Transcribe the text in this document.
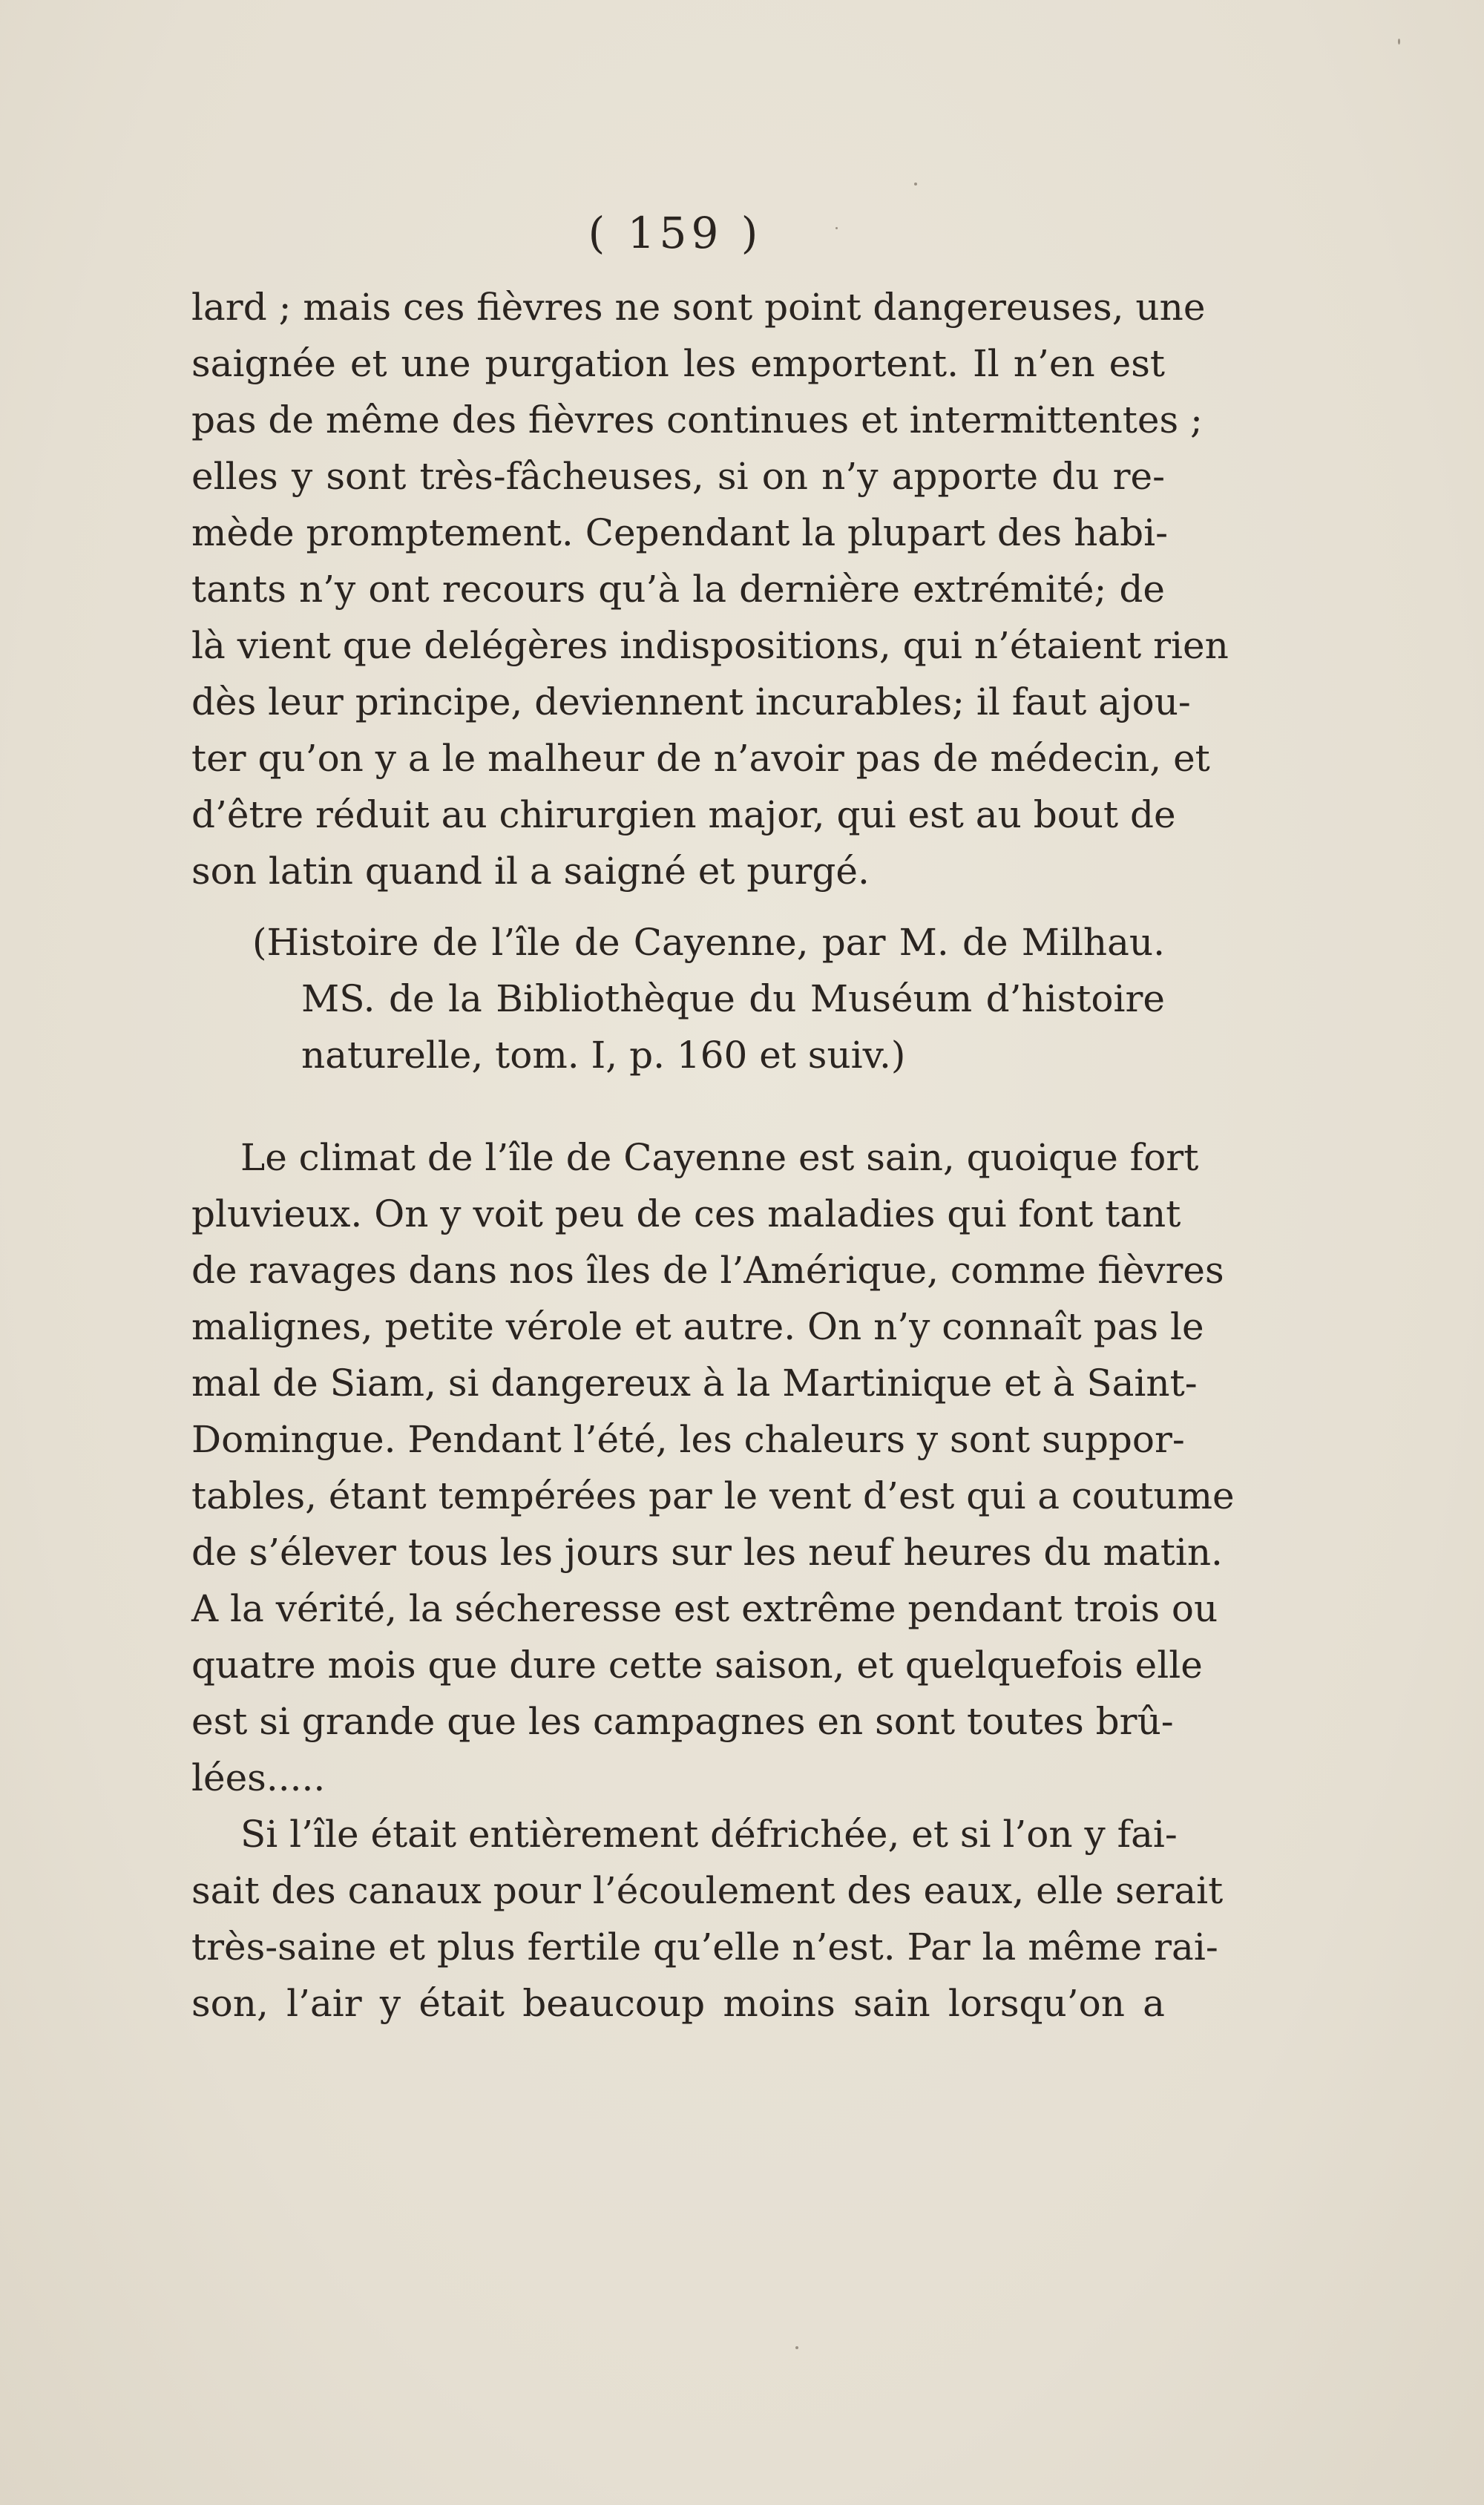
( 159 )
lard ; mais ces fièvres ne sont point dangereuses, une
saignée et une purgation les emportent. Il n’en est
pas de même des fièvres continues et intermittentes ;
elles y sont très-fâcheuses, si on n’y apporte du re-
mède promptement. Cependant la plupart des habi-
tants n’y ont recours qu’à la dernière extrémité; de
là vient que delégères indispositions, qui n’étaient rien
dès leur principe, deviennent incurables; il faut ajou-
ter qu’on y a le malheur de n’avoir pas de médecin, et
d’être réduit au chirurgien major, qui est au bout de
son latin quand il a saigné et purgé.
(Histoire de l’île de Cayenne, par M. de Milhau.
MS. de la Bibliothèque du Muséum d’histoire
naturelle, tom. I, p. 160 et suiv.)
Le climat de l’île de Cayenne est sain, quoique fort
pluvieux. On y voit peu de ces maladies qui font tant
de ravages dans nos îles de l’Amérique, comme fièvres
malignes, petite vérole et autre. On n’y connaît pas le
mal de Siam, si dangereux à la Martinique et à Saint-
Domingue. Pendant l’été, les chaleurs y sont suppor-
tables, étant tempérées par le vent d’est qui a coutume
de s’élever tous les jours sur les neuf heures du matin.
A la vérité, la sécheresse est extrême pendant trois ou
quatre mois que dure cette saison, et quelquefois elle
est si grande que les campagnes en sont toutes brû-
lées.....
Si l’île était entièrement défrichée, et si l’on y fai-
sait des canaux pour l’écoulement des eaux, elle serait
très-saine et plus fertile qu’elle n’est. Par la même rai-
son, l’air y était beaucoup moins sain lorsqu’on a
